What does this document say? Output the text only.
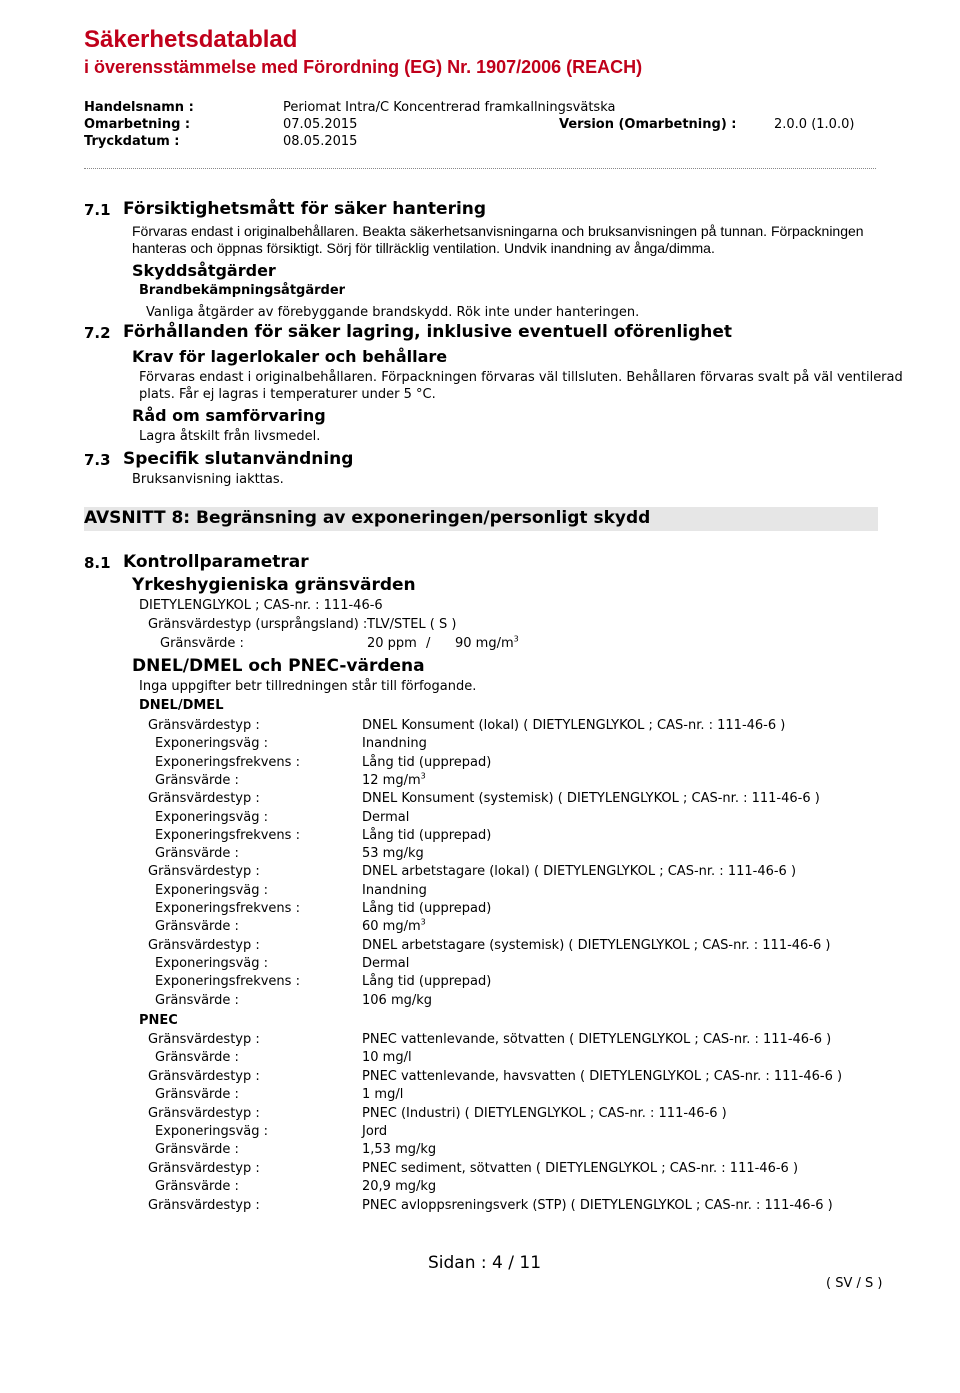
Säkerhetsdatablad
i överensstämmelse med Förordning (EG) Nr. 1907/2006 (REACH)
Handelsnamn :	Periomat Intra/C Koncentrerad framkallningsvätska
Omarbetning :	07.05.2015	Version (Omarbetning) :	2.0.0 (1.0.0)
Tryckdatum :	08.05.2015
7.1 Försiktighetsmått för säker hantering
Förvaras endast i originalbehållaren. Beakta säkerhetsanvisningarna och bruksanvisningen på tunnan. Förpackningen
hanteras och öppnas försiktigt. Sörj för tillräcklig ventilation. Undvik inandning av ånga/dimma.
Skyddsåtgärder
Brandbekämpningsåtgärder
Vanliga åtgärder av förebyggande brandskydd. Rök inte under hanteringen.
7.2 Förhållanden för säker lagring, inklusive eventuell oförenlighet
Krav för lagerlokaler och behållare
Förvaras endast i originalbehållaren. Förpackningen förvaras väl tillsluten. Behållaren förvaras svalt på väl ventilerad
plats. Får ej lagras i temperaturer under 5 °C.
Råd om samförvaring
Lagra åtskilt från livsmedel.
7.3 Specifik slutanvändning
Bruksanvisning iakttas.
AVSNITT 8: Begränsning av exponeringen/personligt skydd
8.1 Kontrollparametrar
Yrkeshygieniska gränsvärden
DIETYLENGLYKOL ; CAS-nr. : 111-46-6
Gränsvärdestyp (ursprångsland) : TLV/STEL ( S )
Gränsvärde :	20 ppm / 90 $mg/m^3$
DNEL/DMEL och PNEC-värdena
Inga uppgifter betr tillredningen står till förfogande.
DNEL/DMEL
Gränsvärdestyp :	DNEL Konsument (lokal) ( DIETYLENGLYKOL ; CAS-nr. : 111-46-6 )
Exponeringsväg :	Inandning
Exponeringsfrekvens :	Lång tid (upprepad)
Gränsvärde :	12 $mg/m^3$
Gränsvärdestyp :	DNEL Konsument (systemisk) ( DIETYLENGLYKOL ; CAS-nr. : 111-46-6 )
Exponeringsväg :	Dermal
Exponeringsfrekvens :	Lång tid (upprepad)
Gränsvärde :	53 mg/kg
Gränsvärdestyp :	DNEL arbetstagare (lokal) ( DIETYLENGLYKOL ; CAS-nr. : 111-46-6 )
Exponeringsväg :	Inandning
Exponeringsfrekvens :	Lång tid (upprepad)
Gränsvärde :	60 $mg/m^3$
Gränsvärdestyp :	DNEL arbetstagare (systemisk) ( DIETYLENGLYKOL ; CAS-nr. : 111-46-6 )
Exponeringsväg :	Dermal
Exponeringsfrekvens :	Lång tid (upprepad)
Gränsvärde :	106 mg/kg
PNEC
Gränsvärdestyp :	PNEC vattenlevande, sötvatten ( DIETYLENGLYKOL ; CAS-nr. : 111-46-6 )
Gränsvärde :	10 mg/l
Gränsvärdestyp :	PNEC vattenlevande, havsvatten ( DIETYLENGLYKOL ; CAS-nr. : 111-46-6 )
Gränsvärde :	1 mg/l
Gränsvärdestyp :	PNEC (Industri) ( DIETYLENGLYKOL ; CAS-nr. : 111-46-6 )
Exponeringsväg :	Jord
Gränsvärde :	1,53 mg/kg
Gränsvärdestyp :	PNEC sediment, sötvatten ( DIETYLENGLYKOL ; CAS-nr. : 111-46-6 )
Gränsvärde :	20,9 mg/kg
Gränsvärdestyp :	PNEC avloppsreningsverk (STP) ( DIETYLENGLYKOL ; CAS-nr. : 111-46-6 )
Sidan : 4 / 11
( SV / S )
